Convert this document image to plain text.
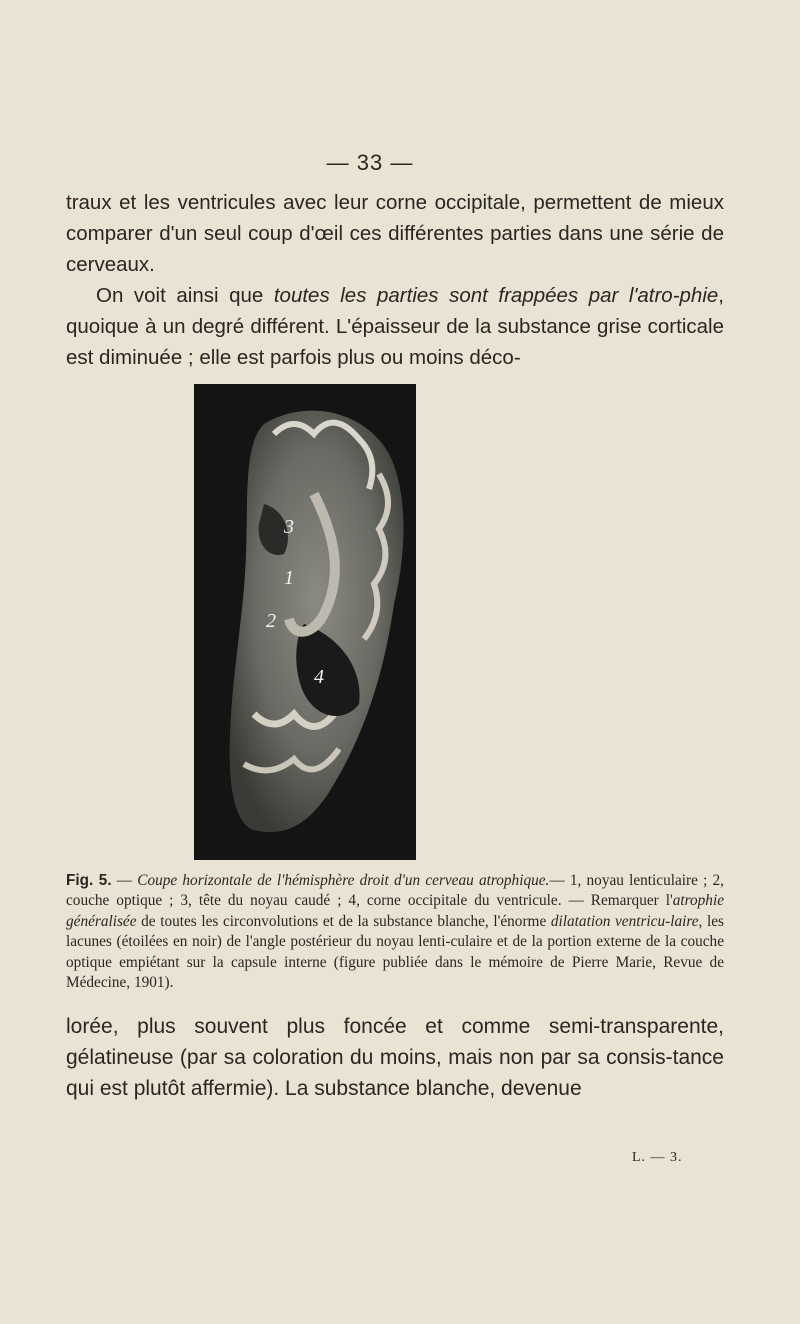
— 33 —

traux et les ventricules avec leur corne occipitale, permettent de mieux comparer d'un seul coup d'œil ces différentes parties dans une série de cerveaux.

On voit ainsi que toutes les parties sont frappées par l'atro-phie, quoique à un degré différent. L'épaisseur de la substance grise corticale est diminuée ; elle est parfois plus ou moins déco-

3
1
2
4
Fig. 5. — Coupe horizontale de l'hémisphère droit d'un cerveau atrophique.— 1, noyau lenticulaire ; 2, couche optique ; 3, tête du noyau caudé ; 4, corne occipitale du ventricule. — Remarquer l'atrophie généralisée de toutes les circonvolutions et de la substance blanche, l'énorme dilatation ventricu-laire, les lacunes (étoilées en noir) de l'angle postérieur du noyau lenti-culaire et de la portion externe de la couche optique empiétant sur la capsule interne (figure publiée dans le mémoire de Pierre Marie, Revue de Médecine, 1901).

lorée, plus souvent plus foncée et comme semi-transparente, gélatineuse (par sa coloration du moins, mais non par sa consis-tance qui est plutôt affermie). La substance blanche, devenue

L. — 3.
